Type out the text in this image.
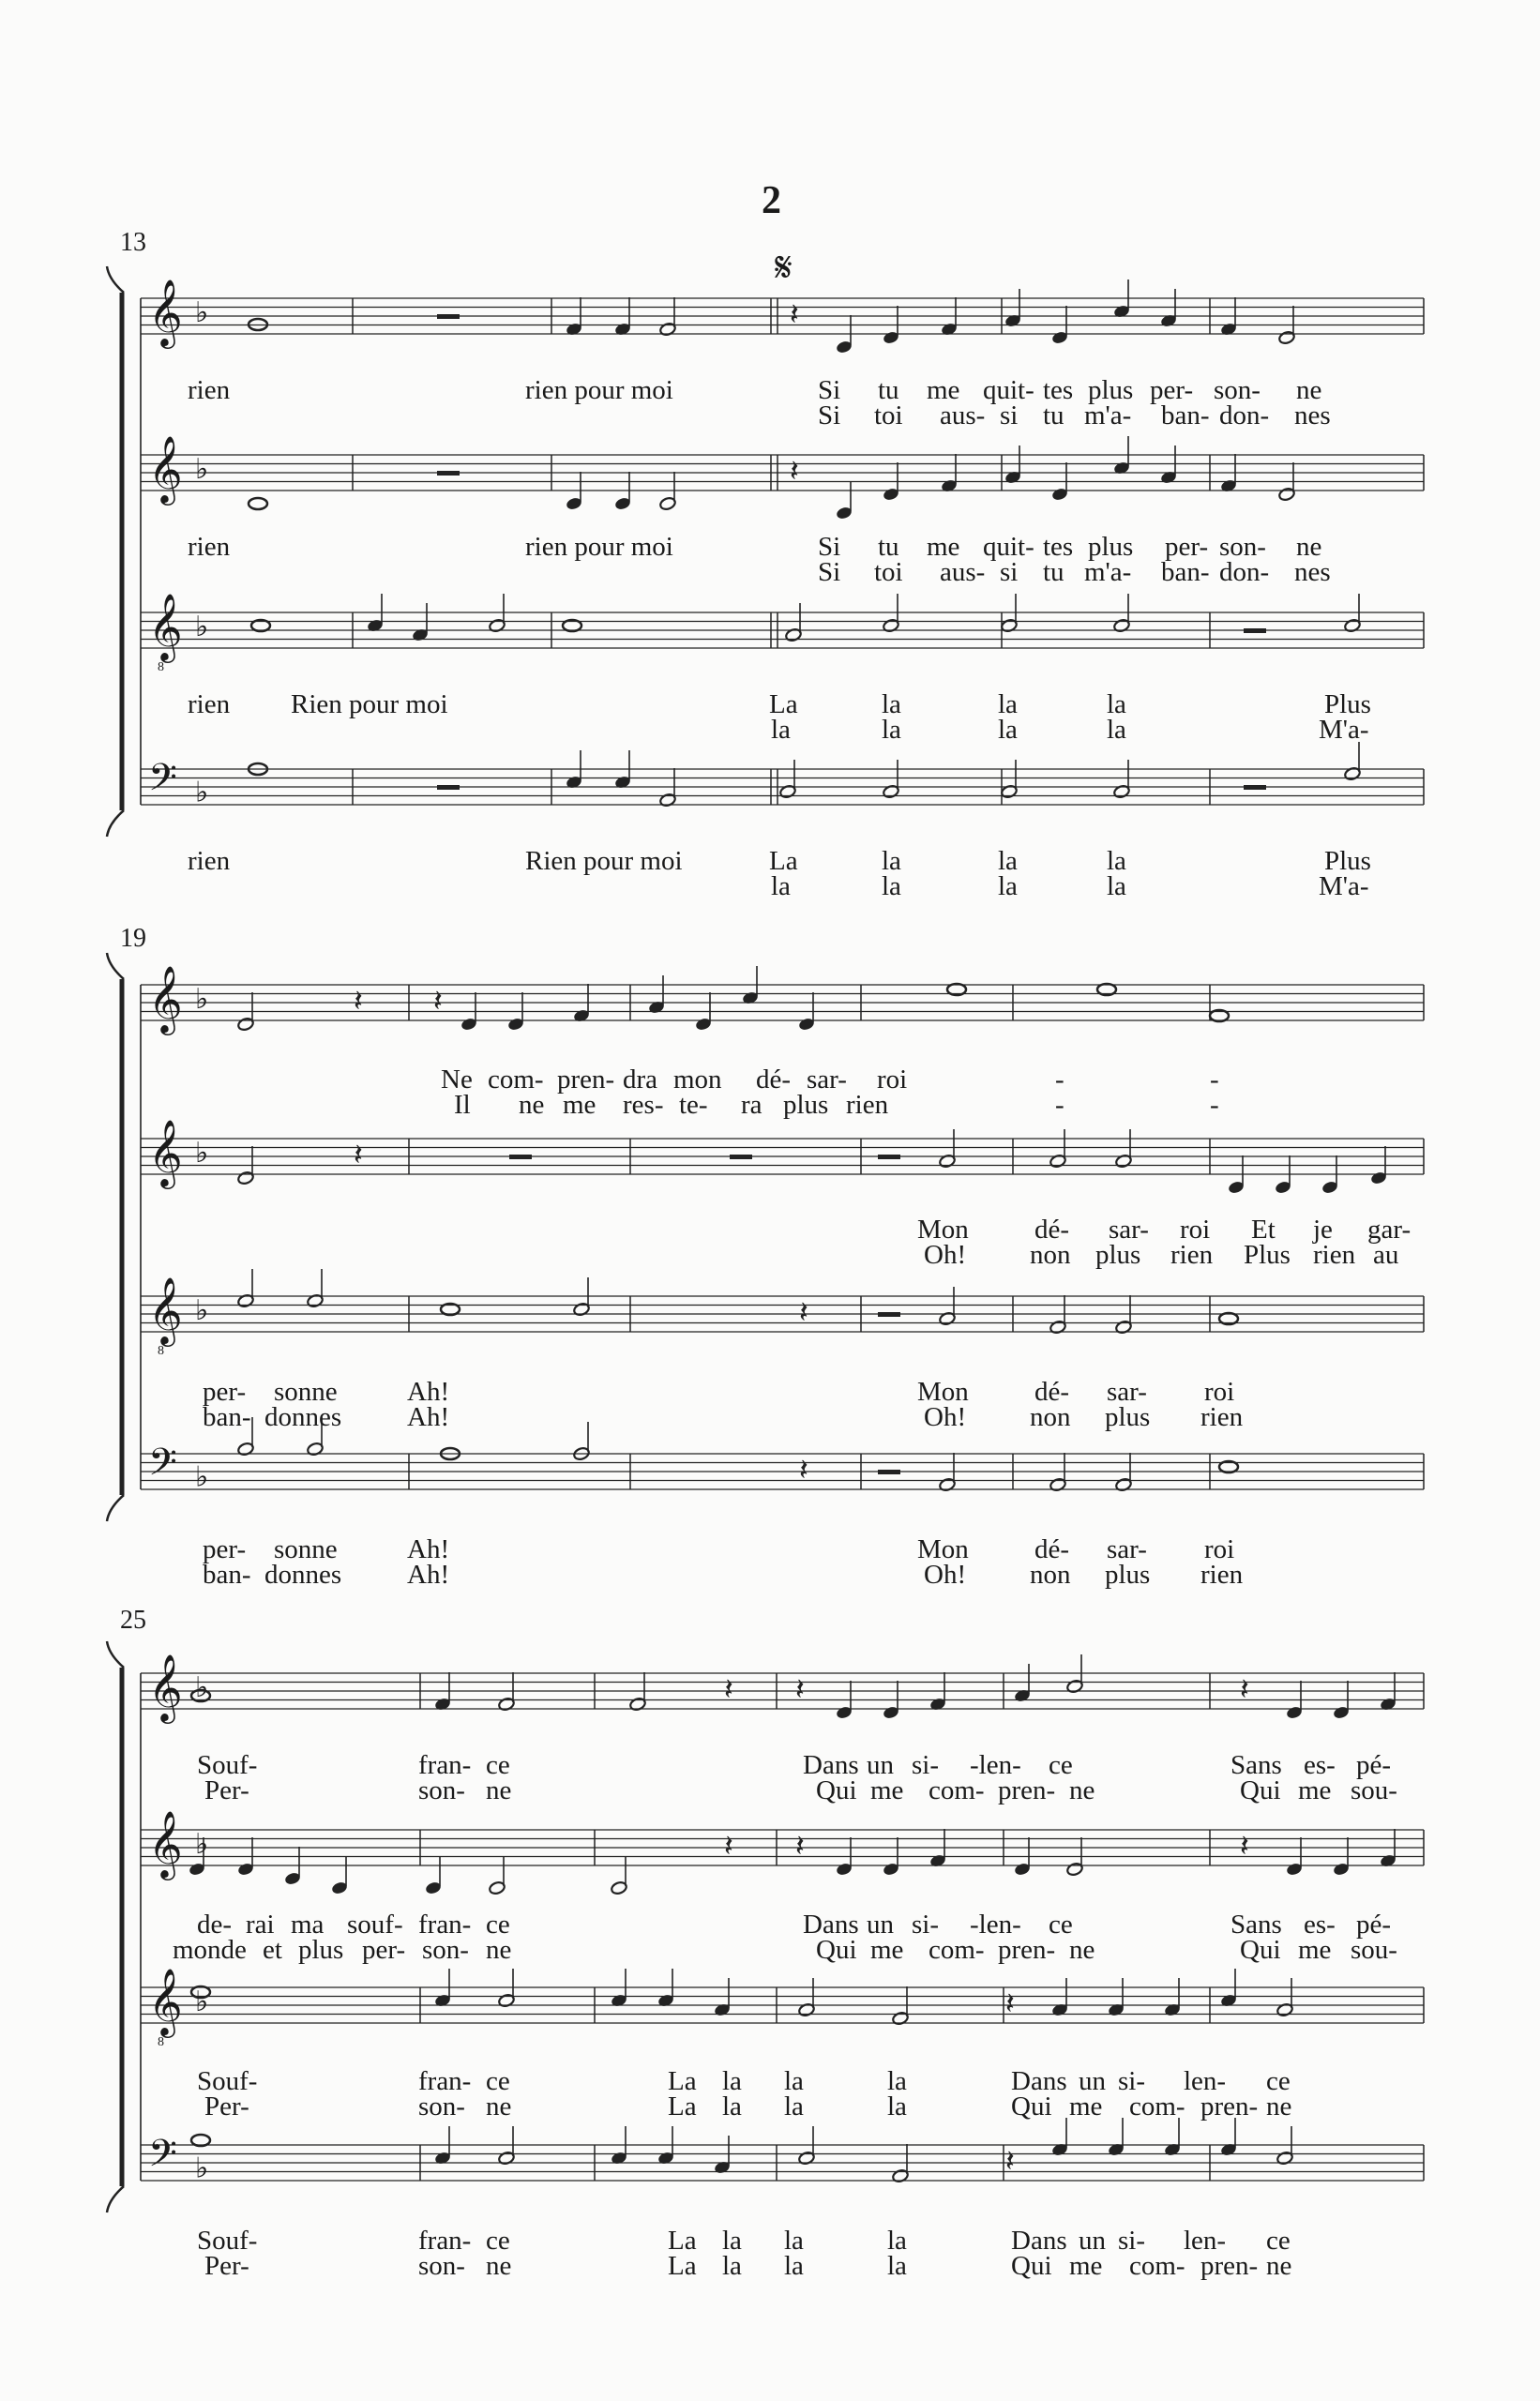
2
13
19
25
𝄞 ♭
𝄞 ♭
𝄞
8
♭
𝄢 ♭
𝄞 ♭
𝄞 ♭
𝄞
8
♭
𝄢 ♭
𝄞 ♭
𝄞 ♭
𝄞
8
♭
𝄢 ♭
𝄋
𝄽
𝄽
𝄽 𝄽
𝄽
𝄽
𝄽
𝄽 𝄽	𝄽
𝄽 𝄽	𝄽
𝄽
𝄽
rien	rien pour moi	Si tu me quit- tes plus per- son- ne
Si toi aus- si tu m'a- ban- don- nes
rien	rien pour moi	Si tu me quit- tes plus per- son- ne
Si toi aus- si tu m'a- ban- don- nes
rien Rien pour moi	La	la	la	la	Plus
la	la	la	la	M'a-
rien	Rien pour moi	La	la	la	la	Plus
la	la	la	la	M'a-
Ne com- pren- dra mon dé- sar- roi	-	-
Il ne me res- te- ra plus rien	-	-
Mon dé- sar- roi Et je gar-
Oh! non plus rien Plus rien au
per- sonne	Ah!	Mon dé- sar- roi
ban- donnes Ah!	Oh! non plus rien
per- sonne	Ah!	Mon dé- sar- roi
ban- donnes Ah!	Oh! non plus rien
Souf-	fran- ce	Dans un si- -len- ce	Sans es- pé-
Per-	son- ne	Qui me com- pren- ne	Qui me sou-
de- rai ma souf- fran- ce	Dans un si- -len- ce	Sans es- pé-
monde et plus per- son- ne	Qui me com- pren- ne	Qui me sou-
Souf-	fran- ce	La la la	la	Dans un si- len- ce
Per-	son- ne	La la la	la	Qui me com- pren- ne
Souf-	fran- ce	La la la	la	Dans un si- len- ce
Per-	son- ne	La la la	la	Qui me com- pren- ne
